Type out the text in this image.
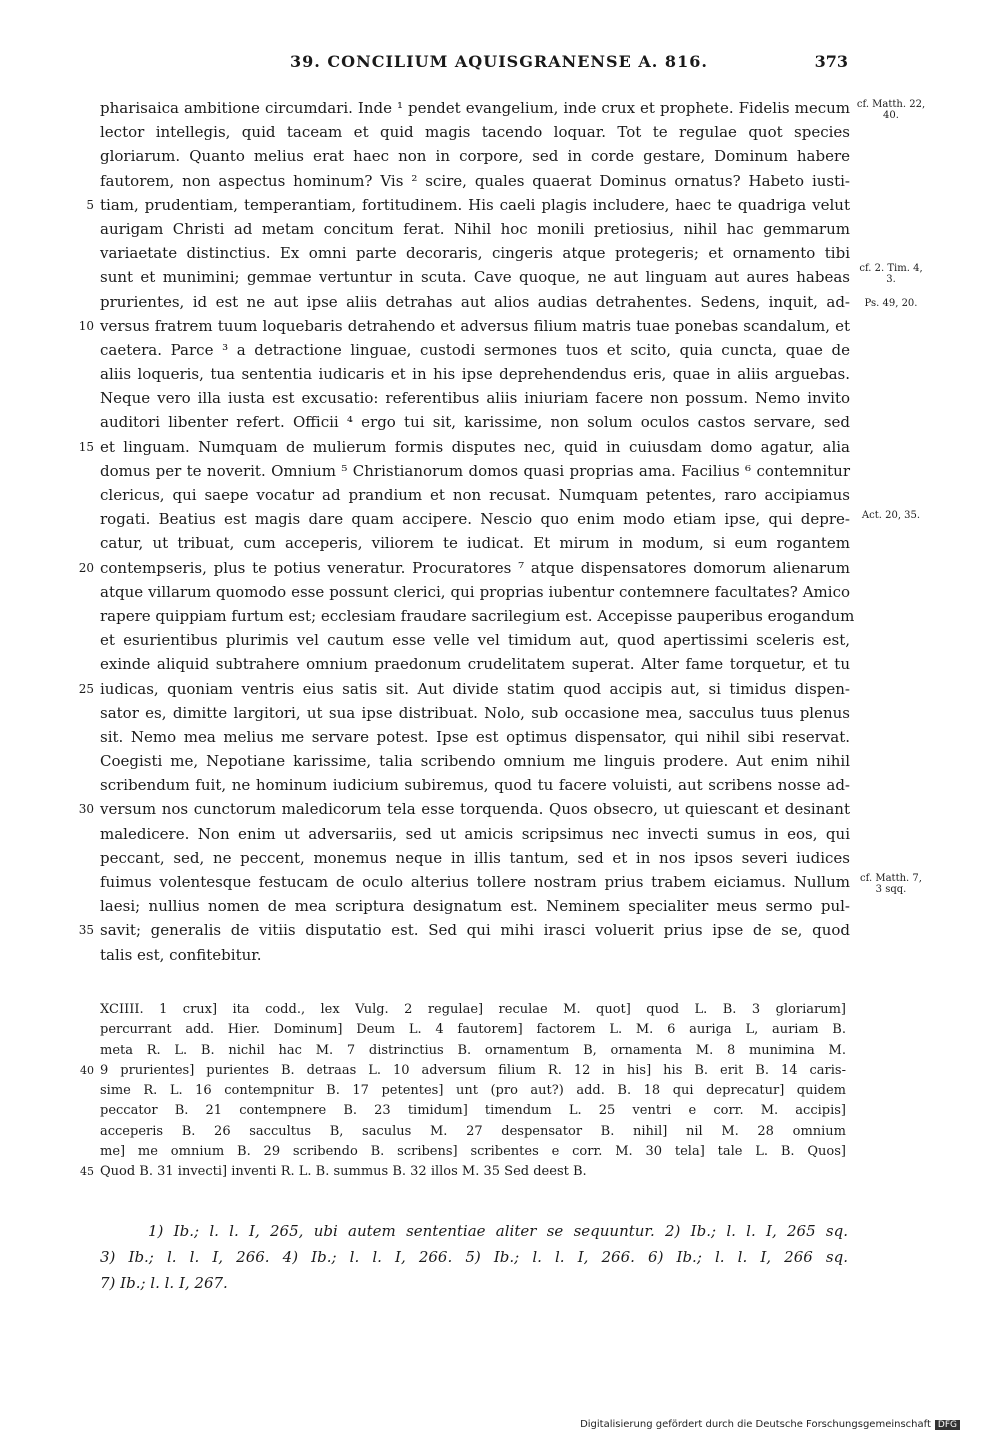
39. CONCILIUM AQUISGRANENSE A. 816.	373
pharisaica ambitione circumdari. Inde ¹ pendet evangelium, inde crux et prophete. Fidelis mecum cf. Matth. 22, 40.
lector intellegis, quid taceam et quid magis tacendo loquar. Tot te regulae quot species
gloriarum. Quanto melius erat haec non in corpore, sed in corde gestare, Dominum habere
fautorem, non aspectus hominum? Vis ² scire, quales quaerat Dominus ornatus? Habeto iusti-
5 tiam, prudentiam, temperantiam, fortitudinem. His caeli plagis includere, haec te quadriga velut
aurigam Christi ad metam concitum ferat. Nihil hoc monili pretiosius, nihil hac gemmarum
variaetate distinctius. Ex omni parte decoraris, cingeris atque protegeris; et ornamento tibi
sunt et munimini; gemmae vertuntur in scuta. Cave quoque, ne aut linguam aut aures habeas cf. 2. Tim. 4, 3.
prurientes, id est ne aut ipse aliis detrahas aut alios audias detrahentes. Sedens, inquit, ad-	Ps. 49, 20.
10 versus fratrem tuum loquebaris detrahendo et adversus filium matris tuae ponebas scandalum, et
caetera. Parce ³ a detractione linguae, custodi sermones tuos et scito, quia cuncta, quae de
aliis loqueris, tua sententia iudicaris et in his ipse deprehendendus eris, quae in aliis arguebas.
Neque vero illa iusta est excusatio: referentibus aliis iniuriam facere non possum. Nemo invito
auditori libenter refert. Officii ⁴ ergo tui sit, karissime, non solum oculos castos servare, sed
15 et linguam. Numquam de mulierum formis disputes nec, quid in cuiusdam domo agatur, alia
domus per te noverit. Omnium ⁵ Christianorum domos quasi proprias ama. Facilius ⁶ contemnitur
clericus, qui saepe vocatur ad prandium et non recusat. Numquam petentes, raro accipiamus
rogati. Beatius est magis dare quam accipere. Nescio quo enim modo etiam ipse, qui depre-	Act. 20, 35.
catur, ut tribuat, cum acceperis, viliorem te iudicat. Et mirum in modum, si eum rogantem
20 contempseris, plus te potius veneratur. Procuratores ⁷ atque dispensatores domorum alienarum
atque villarum quomodo esse possunt clerici, qui proprias iubentur contemnere facultates? Amico
rapere quippiam furtum est; ecclesiam fraudare sacrilegium est. Accepisse pauperibus erogandum
et esurientibus plurimis vel cautum esse velle vel timidum aut, quod apertissimi sceleris est,
exinde aliquid subtrahere omnium praedonum crudelitatem superat. Alter fame torquetur, et tu
25 iudicas, quoniam ventris eius satis sit. Aut divide statim quod accipis aut, si timidus dispen-
sator es, dimitte largitori, ut sua ipse distribuat. Nolo, sub occasione mea, sacculus tuus plenus
sit. Nemo mea melius me servare potest. Ipse est optimus dispensator, qui nihil sibi reservat.
Coegisti me, Nepotiane karissime, talia scribendo omnium me linguis prodere. Aut enim nihil
scribendum fuit, ne hominum iudicium subiremus, quod tu facere voluisti, aut scribens nosse ad-
30 versum nos cunctorum maledicorum tela esse torquenda. Quos obsecro, ut quiescant et desinant
maledicere. Non enim ut adversariis, sed ut amicis scripsimus nec invecti sumus in eos, qui
peccant, sed, ne peccent, monemus neque in illis tantum, sed et in nos ipsos severi iudices
fuimus volentesque festucam de oculo alterius tollere nostram prius trabem eiciamus. Nullum	cf. Matth. 7, 3 sqq.
laesi; nullius nomen de mea scriptura designatum est. Neminem specialiter meus sermo pul-
35 savit; generalis de vitiis disputatio est. Sed qui mihi irasci voluerit prius ipse de se, quod
talis est, confitebitur.
XCIIII. 1 crux] ita codd., lex Vulg. 2 regulae] reculae M. quot] quod L. B. 3 gloriarum]
percurrant add. Hier. Dominum] Deum L. 4 fautorem] factorem L. M. 6 auriga L, auriam B.
meta R. L. B. nichil hac M. 7 distrinctius B. ornamentum B, ornamenta M. 8 munimina M.
40 9 prurientes] purientes B. detraas L. 10 adversum filium R. 12 in his] his B. erit B. 14 caris-
sime R. L. 16 contempnitur B. 17 petentes] unt (pro aut?) add. B. 18 qui deprecatur] quidem
peccator B. 21 contempnere B. 23 timidum] timendum L. 25 ventri e corr. M. accipis]
acceperis B. 26 saccultus B, saculus M. 27 despensator B. nihil] nil M. 28 omnium
me] me omnium B. 29 scribendo B. scribens] scribentes e corr. M. 30 tela] tale L. B. Quos]
45 Quod B. 31 invecti] inventi R. L. B. summus B. 32 illos M. 35 Sed deest B.
1) Ib.; l. l. I, 265, ubi autem sententiae aliter se sequuntur. 2) Ib.; l. l. I, 265 sq.
3) Ib.; l. l. I, 266. 4) Ib.; l. l. I, 266. 5) Ib.; l. l. I, 266. 6) Ib.; l. l. I, 266 sq.
7) Ib.; l. l. I, 267.
Digitalisierung gefördert durch die Deutsche Forschungsgemeinschaft DFG
